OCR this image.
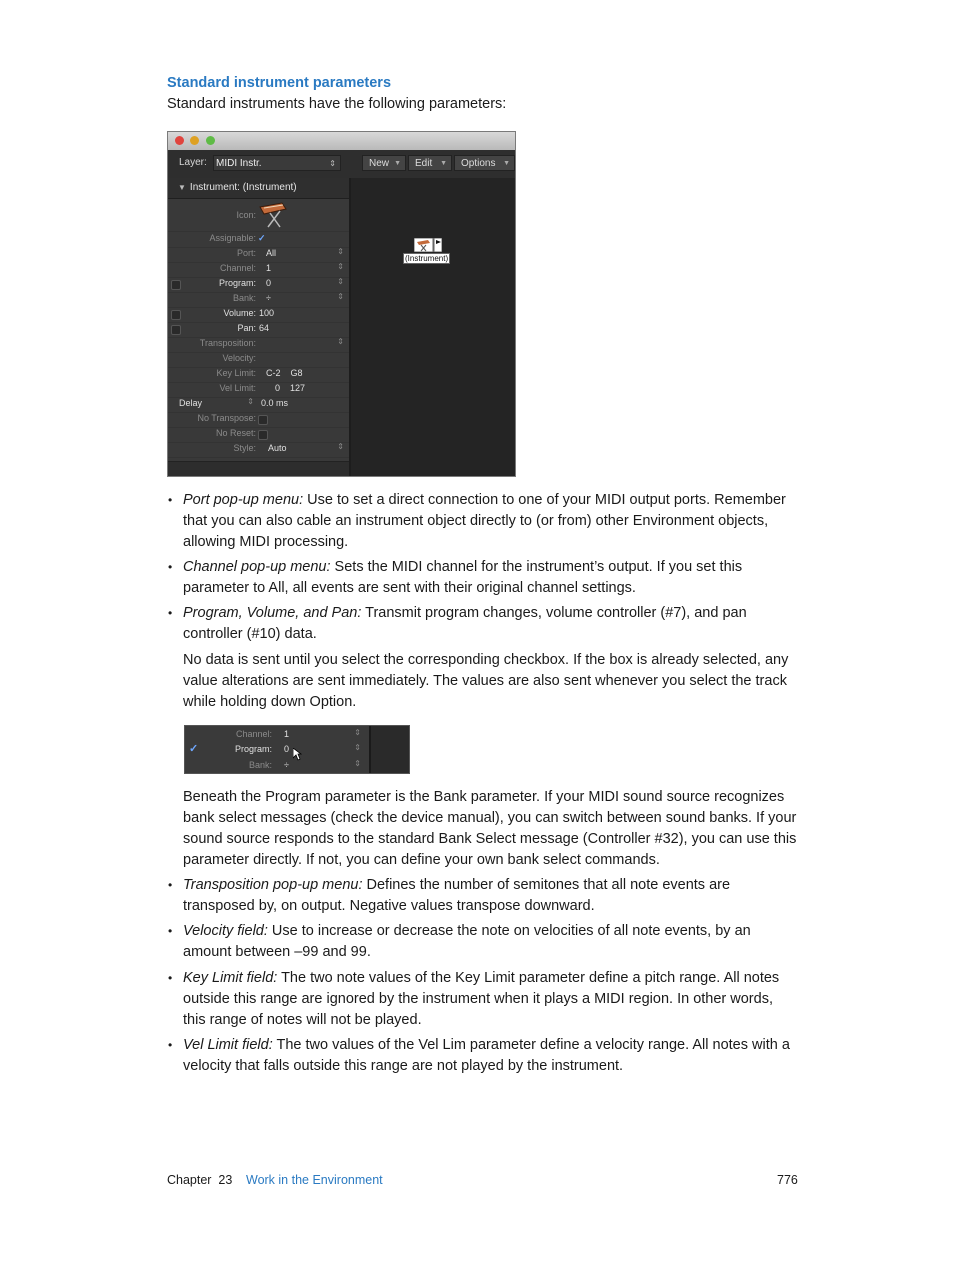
Standard instrument parameters
Standard instruments have the following parameters:
Layer: MIDI Instr.	⇕	New ▼	Edit ▼	Options ▼
▼ Instrument: (Instrument)
Icon:
Assignable: ✓
Port: All	⇕
Channel: 1	⇕
Program: 0	⇕
Bank: ÷	⇕
Volume: 100
Pan: 64
Transposition:	⇕
Velocity:
Key Limit: C-2    G8
Vel Limit: 0    127
Delay	⇕ 0.0 ms
No Transpose:
No Reset:
Style: Auto	⇕
(Instrument)
• Port pop-up menu: Use to set a direct connection to one of your MIDI output ports. Remember that you can also cable an instrument object directly to (or from) other Environment objects, allowing MIDI processing.
• Channel pop-up menu: Sets the MIDI channel for the instrument’s output. If you set this parameter to All, all events are sent with their original channel settings.
• Program, Volume, and Pan: Transmit program changes, volume controller (#7), and pan controller (#10) data.
No data is sent until you select the corresponding checkbox. If the box is already selected, any value alterations are sent immediately. The values are also sent whenever you select the track while holding down Option.
Channel: 1	⇕
✓	Program: 0	⇕
Bank: ÷	⇕
Beneath the Program parameter is the Bank parameter. If your MIDI sound source recognizes bank select messages (check the device manual), you can switch between sound banks. If your sound source responds to the standard Bank Select message (Controller #32), you can use this parameter directly. If not, you can define your own bank select commands.
• Transposition pop-up menu: Defines the number of semitones that all note events are transposed by, on output. Negative values transpose downward.
• Velocity field: Use to increase or decrease the note on velocities of all note events, by an amount between –99 and 99.
• Key Limit field: The two note values of the Key Limit parameter define a pitch range. All notes outside this range are ignored by the instrument when it plays a MIDI region. In other words, this range of notes will not be played.
• Vel Limit field: The two values of the Vel Lim parameter define a velocity range. All notes with a velocity that falls outside this range are not played by the instrument.
Chapter  23 Work in the Environment	776
